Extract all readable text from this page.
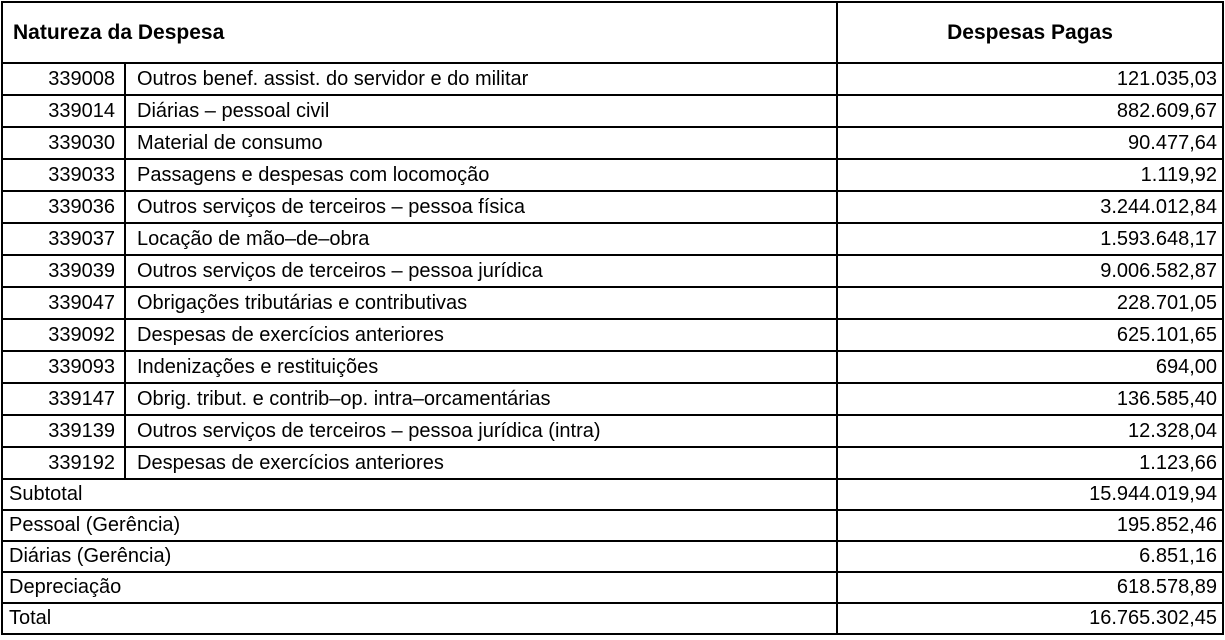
Natureza da Despesa		Despesas Pagas
339008	Outros benef. assist. do servidor e do militar	121.035,03
339014	Diárias – pessoal civil	882.609,67
339030	Material de consumo	90.477,64
339033	Passagens e despesas com locomoção	1.119,92
339036	Outros serviços de terceiros – pessoa física	3.244.012,84
339037	Locação de mão–de–obra	1.593.648,17
339039	Outros serviços de terceiros – pessoa jurídica	9.006.582,87
339047	Obrigações tributárias e contributivas	228.701,05
339092	Despesas de exercícios anteriores	625.101,65
339093	Indenizações e restituições	694,00
339147	Obrig. tribut. e contrib–op. intra–orcamentárias	136.585,40
339139	Outros serviços de terceiros – pessoa jurídica (intra)	12.328,04
339192	Despesas de exercícios anteriores	1.123,66
Subtotal		15.944.019,94
Pessoal (Gerência)		195.852,46
Diárias (Gerência)		6.851,16
Depreciação		618.578,89
Total		16.765.302,45
